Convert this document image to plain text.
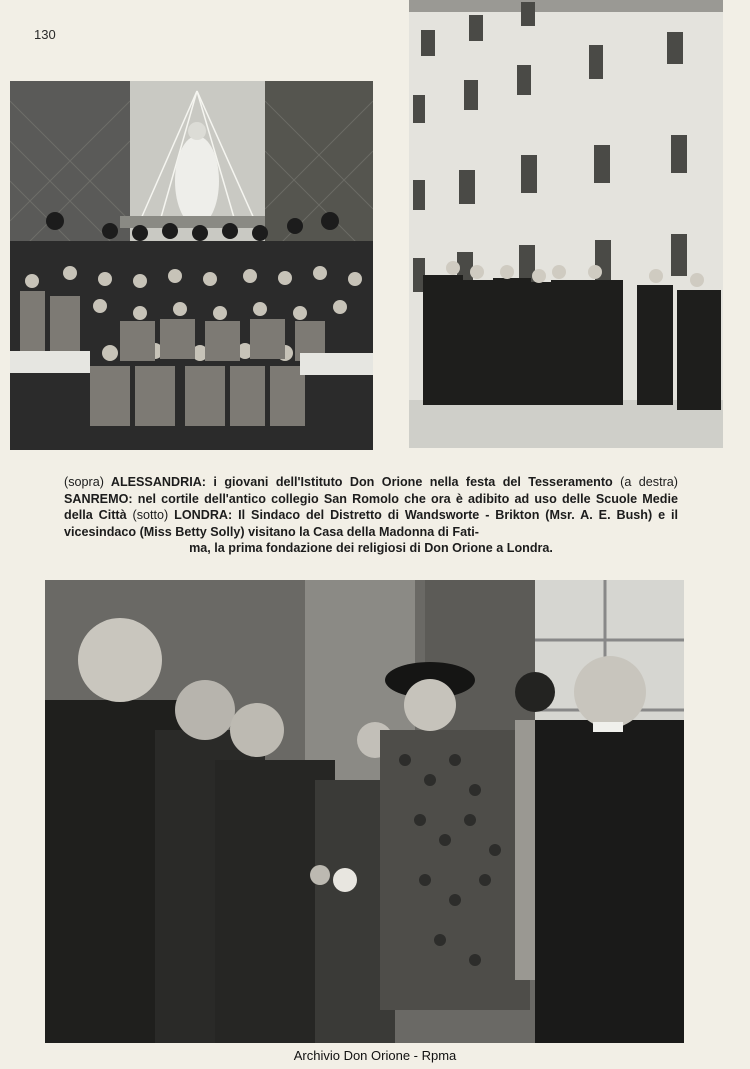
130
(sopra) ALESSANDRIA: i giovani dell'Istituto Don Orione nella festa del Tesseramento (a destra) SANREMO: nel cortile dell'antico collegio San Romolo che ora è adibito ad uso delle Scuole Medie della Città (sotto) LONDRA: Il Sindaco del Distretto di Wandsworte - Brikton (Msr. A. E. Bush) e il vicesindaco (Miss Betty Solly) visitano la Casa della Madonna di Fati-
ma, la prima fondazione dei religiosi di Don Orione a Londra.
Archivio Don Orione - Rpma
